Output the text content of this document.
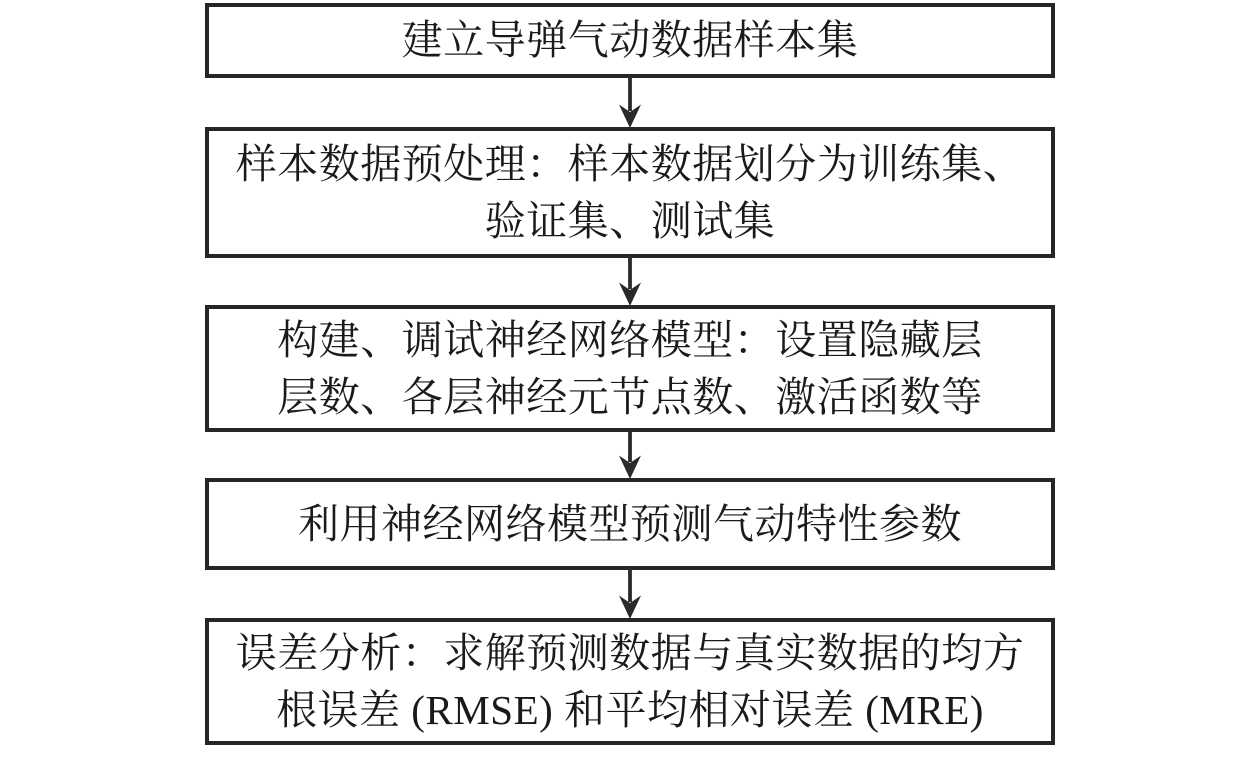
建立导弹气动数据样本集
样本数据预处理：样本数据划分为训练集、
验证集、测试集
构建、调试神经网络模型：设置隐藏层
层数、各层神经元节点数、激活函数等
利用神经网络模型预测气动特性参数
误差分析：求解预测数据与真实数据的均方
根误差 (RMSE) 和平均相对误差 (MRE)
